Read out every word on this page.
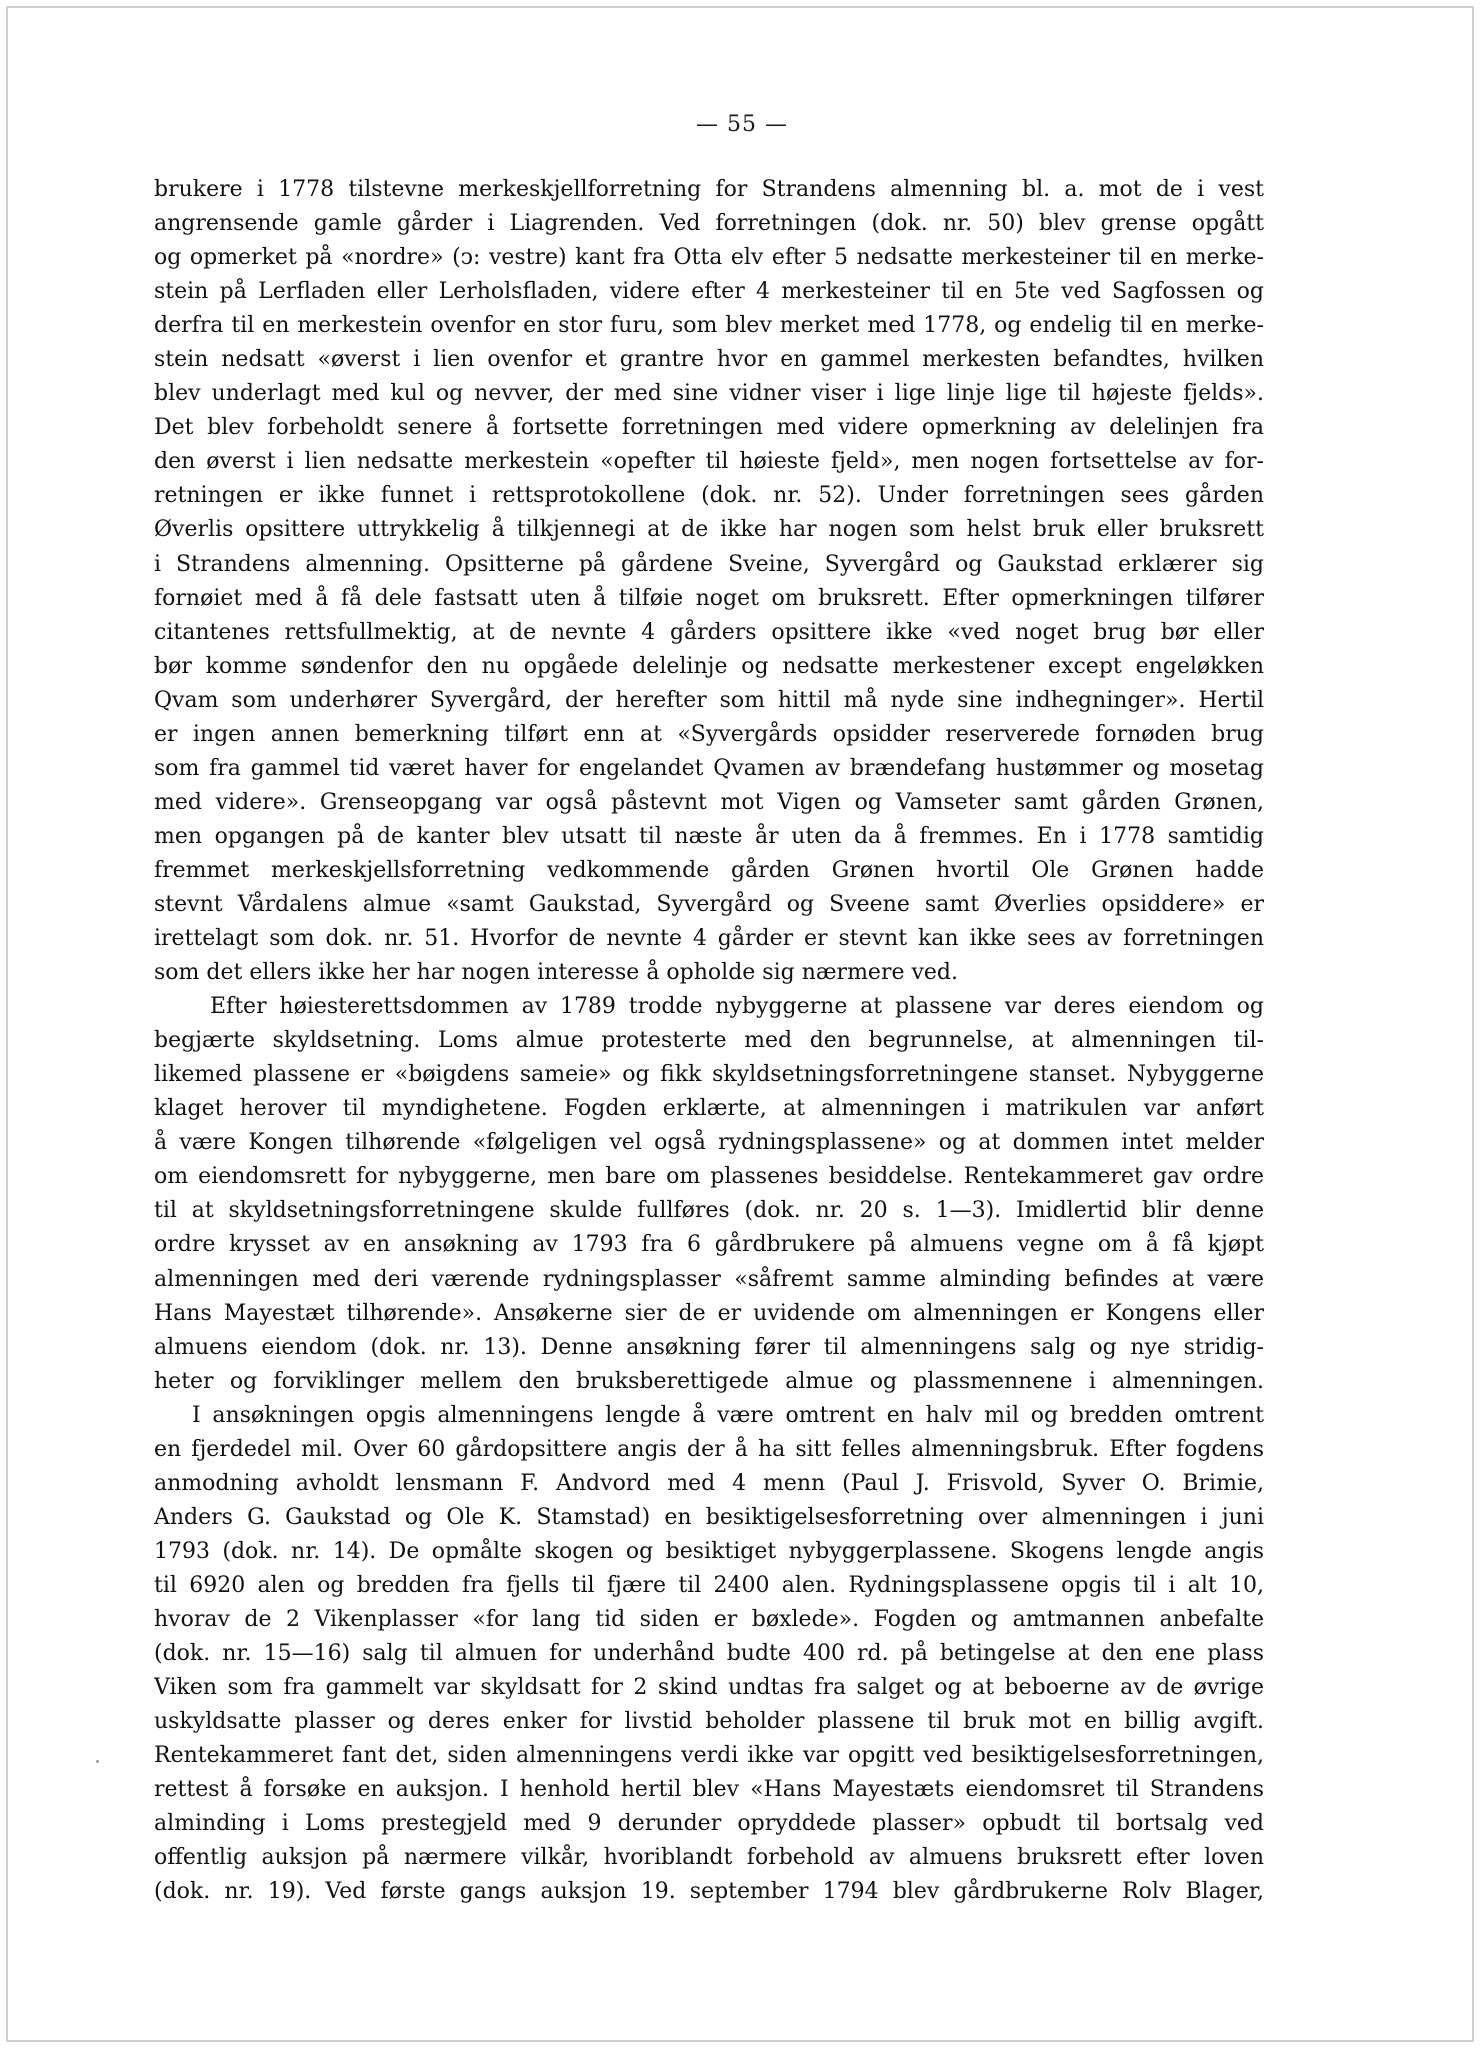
— 55 —
brukere i 1778 tilstevne merkeskjellforretning for Strandens almenning bl. a. mot de i vest
angrensende gamle gårder i Liagrenden. Ved forretningen (dok. nr. 50) blev grense opgått
og opmerket på «nordre» (ↄ: vestre) kant fra Otta elv efter 5 nedsatte merkesteiner til en merke-
stein på Lerfladen eller Lerholsfladen, videre efter 4 merkesteiner til en 5te ved Sagfossen og
derfra til en merkestein ovenfor en stor furu, som blev merket med 1778, og endelig til en merke-
stein nedsatt «øverst i lien ovenfor et grantre hvor en gammel merkesten befandtes, hvilken
blev underlagt med kul og nevver, der med sine vidner viser i lige linje lige til højeste fjelds».
Det blev forbeholdt senere å fortsette forretningen med videre opmerkning av delelinjen fra
den øverst i lien nedsatte merkestein «opefter til høieste fjeld», men nogen fortsettelse av for-
retningen er ikke funnet i rettsprotokollene (dok. nr. 52). Under forretningen sees gården
Øverlis opsittere uttrykkelig å tilkjennegi at de ikke har nogen som helst bruk eller bruksrett
i Strandens almenning. Opsitterne på gårdene Sveine, Syvergård og Gaukstad erklærer sig
fornøiet med å få dele fastsatt uten å tilføie noget om bruksrett. Efter opmerkningen tilfører
citantenes rettsfullmektig, at de nevnte 4 gårders opsittere ikke «ved noget brug bør eller
bør komme søndenfor den nu opgåede delelinje og nedsatte merkestener except engeløkken
Qvam som underhører Syvergård, der herefter som hittil må nyde sine indhegninger». Hertil
er ingen annen bemerkning tilført enn at «Syvergårds opsidder reserverede fornøden brug
som fra gammel tid været haver for engelandet Qvamen av brændefang hustømmer og mosetag
med videre». Grenseopgang var også påstevnt mot Vigen og Vamseter samt gården Grønen,
men opgangen på de kanter blev utsatt til næste år uten da å fremmes. En i 1778 samtidig
fremmet merkeskjellsforretning vedkommende gården Grønen hvortil Ole Grønen hadde
stevnt Vårdalens almue «samt Gaukstad, Syvergård og Sveene samt Øverlies opsiddere» er
irettelagt som dok. nr. 51. Hvorfor de nevnte 4 gårder er stevnt kan ikke sees av forretningen
som det ellers ikke her har nogen interesse å opholde sig nærmere ved.
Efter høiesterettsdommen av 1789 trodde nybyggerne at plassene var deres eiendom og
begjærte skyldsetning. Loms almue protesterte med den begrunnelse, at almenningen til-
likemed plassene er «bøigdens sameie» og fikk skyldsetningsforretningene stanset. Nybyggerne
klaget herover til myndighetene. Fogden erklærte, at almenningen i matrikulen var anført
å være Kongen tilhørende «følgeligen vel også rydningsplassene» og at dommen intet melder
om eiendomsrett for nybyggerne, men bare om plassenes besiddelse. Rentekammeret gav ordre
til at skyldsetningsforretningene skulde fullføres (dok. nr. 20 s. 1—3). Imidlertid blir denne
ordre krysset av en ansøkning av 1793 fra 6 gårdbrukere på almuens vegne om å få kjøpt
almenningen med deri værende rydningsplasser «såfremt samme alminding befindes at være
Hans Mayestæt tilhørende». Ansøkerne sier de er uvidende om almenningen er Kongens eller
almuens eiendom (dok. nr. 13). Denne ansøkning fører til almenningens salg og nye stridig-
heter og forviklinger mellem den bruksberettigede almue og plassmennene i almenningen.
I ansøkningen opgis almenningens lengde å være omtrent en halv mil og bredden omtrent
en fjerdedel mil. Over 60 gårdopsittere angis der å ha sitt felles almenningsbruk. Efter fogdens
anmodning avholdt lensmann F. Andvord med 4 menn (Paul J. Frisvold, Syver O. Brimie,
Anders G. Gaukstad og Ole K. Stamstad) en besiktigelsesforretning over almenningen i juni
1793 (dok. nr. 14). De opmålte skogen og besiktiget nybyggerplassene. Skogens lengde angis
til 6920 alen og bredden fra fjells til fjære til 2400 alen. Rydningsplassene opgis til i alt 10,
hvorav de 2 Vikenplasser «for lang tid siden er bøxlede». Fogden og amtmannen anbefalte
(dok. nr. 15—16) salg til almuen for underhånd budte 400 rd. på betingelse at den ene plass
Viken som fra gammelt var skyldsatt for 2 skind undtas fra salget og at beboerne av de øvrige
uskyldsatte plasser og deres enker for livstid beholder plassene til bruk mot en billig avgift.
Rentekammeret fant det, siden almenningens verdi ikke var opgitt ved besiktigelsesforretningen,
rettest å forsøke en auksjon. I henhold hertil blev «Hans Mayestæts eiendomsret til Strandens
alminding i Loms prestegjeld med 9 derunder opryddede plasser» opbudt til bortsalg ved
offentlig auksjon på nærmere vilkår, hvoriblandt forbehold av almuens bruksrett efter loven
(dok. nr. 19). Ved første gangs auksjon 19. september 1794 blev gårdbrukerne Rolv Blager,
